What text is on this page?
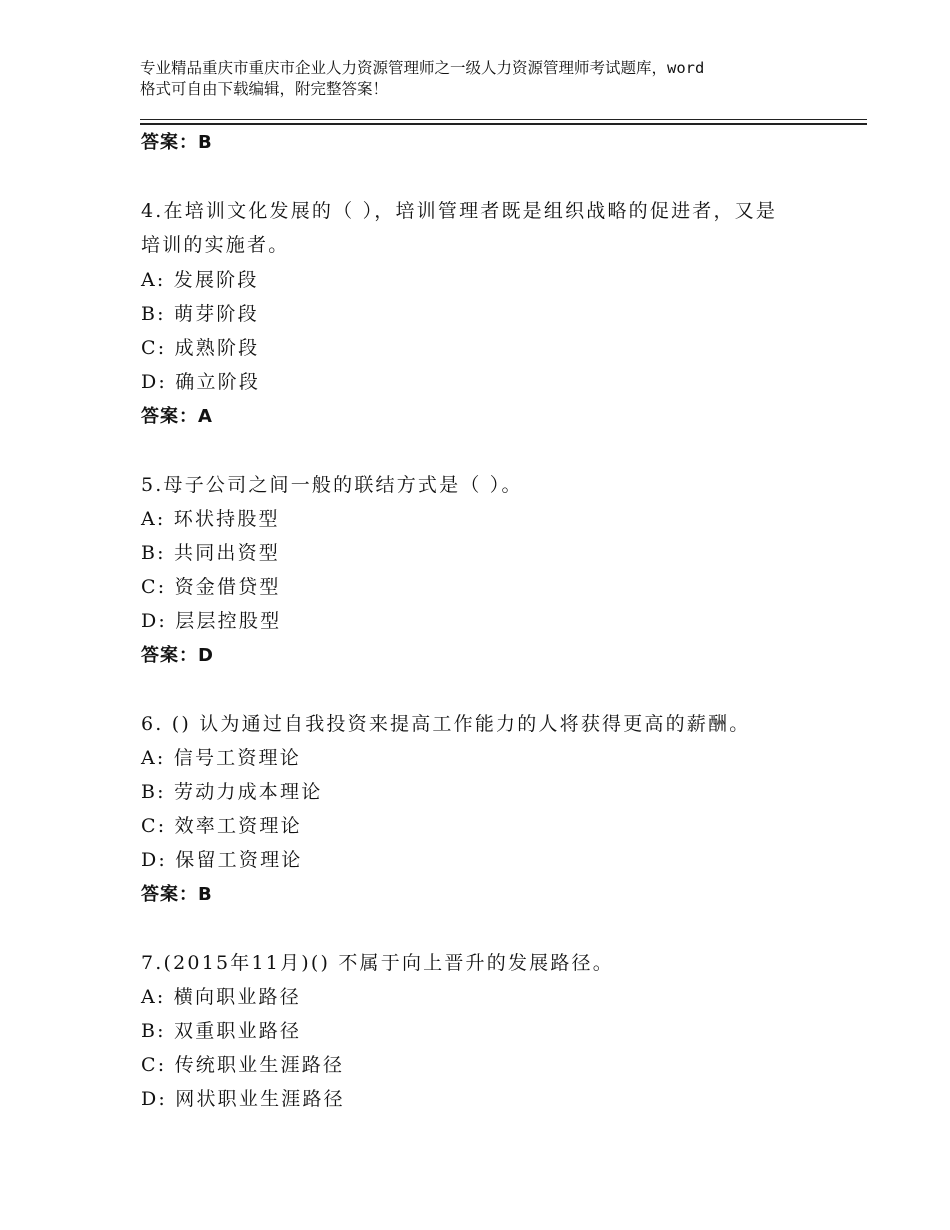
专业精品重庆市重庆市企业人力资源管理师之一级人力资源管理师考试题库，word
格式可自由下载编辑，附完整答案！
答案：B
4.在培训文化发展的（ ），培训管理者既是组织战略的促进者，又是
培训的实施者。
A: 发展阶段
B: 萌芽阶段
C: 成熟阶段
D: 确立阶段
答案：A
5.母子公司之间一般的联结方式是（ ）。
A: 环状持股型
B: 共同出资型
C: 资金借贷型
D: 层层控股型
答案：D
6. () 认为通过自我投资来提高工作能力的人将获得更高的薪酬。
A: 信号工资理论
B: 劳动力成本理论
C: 效率工资理论
D: 保留工资理论
答案：B
7.(2015年11月)() 不属于向上晋升的发展路径。
A: 横向职业路径
B: 双重职业路径
C: 传统职业生涯路径
D: 网状职业生涯路径
